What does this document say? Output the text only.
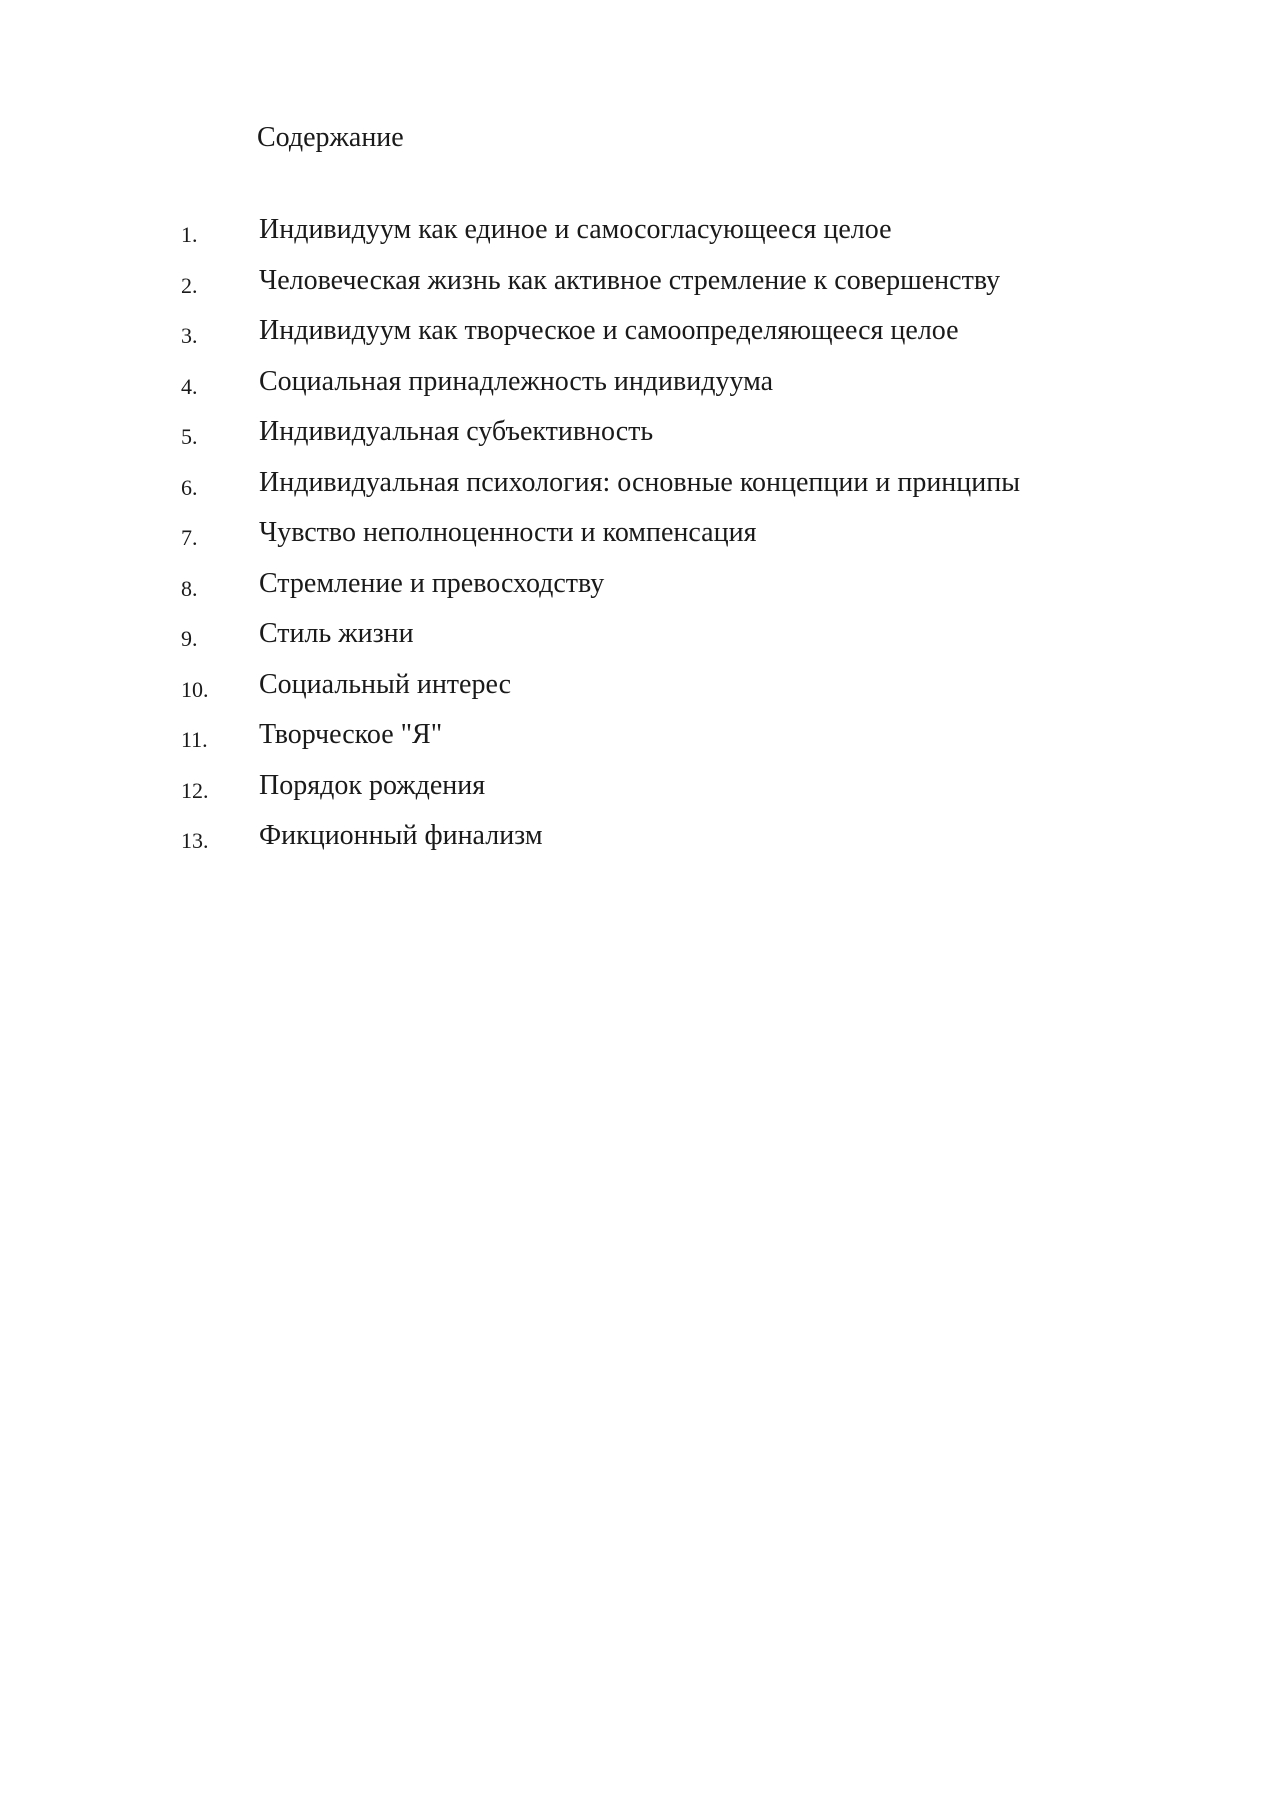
Содержание
1. Индивидуум как единое и самосогласующееся целое
2. Человеческая жизнь как активное стремление к совершенству
3. Индивидуум как творческое и самоопределяющееся целое
4. Социальная принадлежность индивидуума
5. Индивидуальная субъективность
6. Индивидуальная психология: основные концепции и принципы
7. Чувство неполноценности и компенсация
8. Стремление и превосходству
9. Стиль жизни
10. Социальный интерес
11. Творческое "Я"
12. Порядок рождения
13. Фикционный финализм
